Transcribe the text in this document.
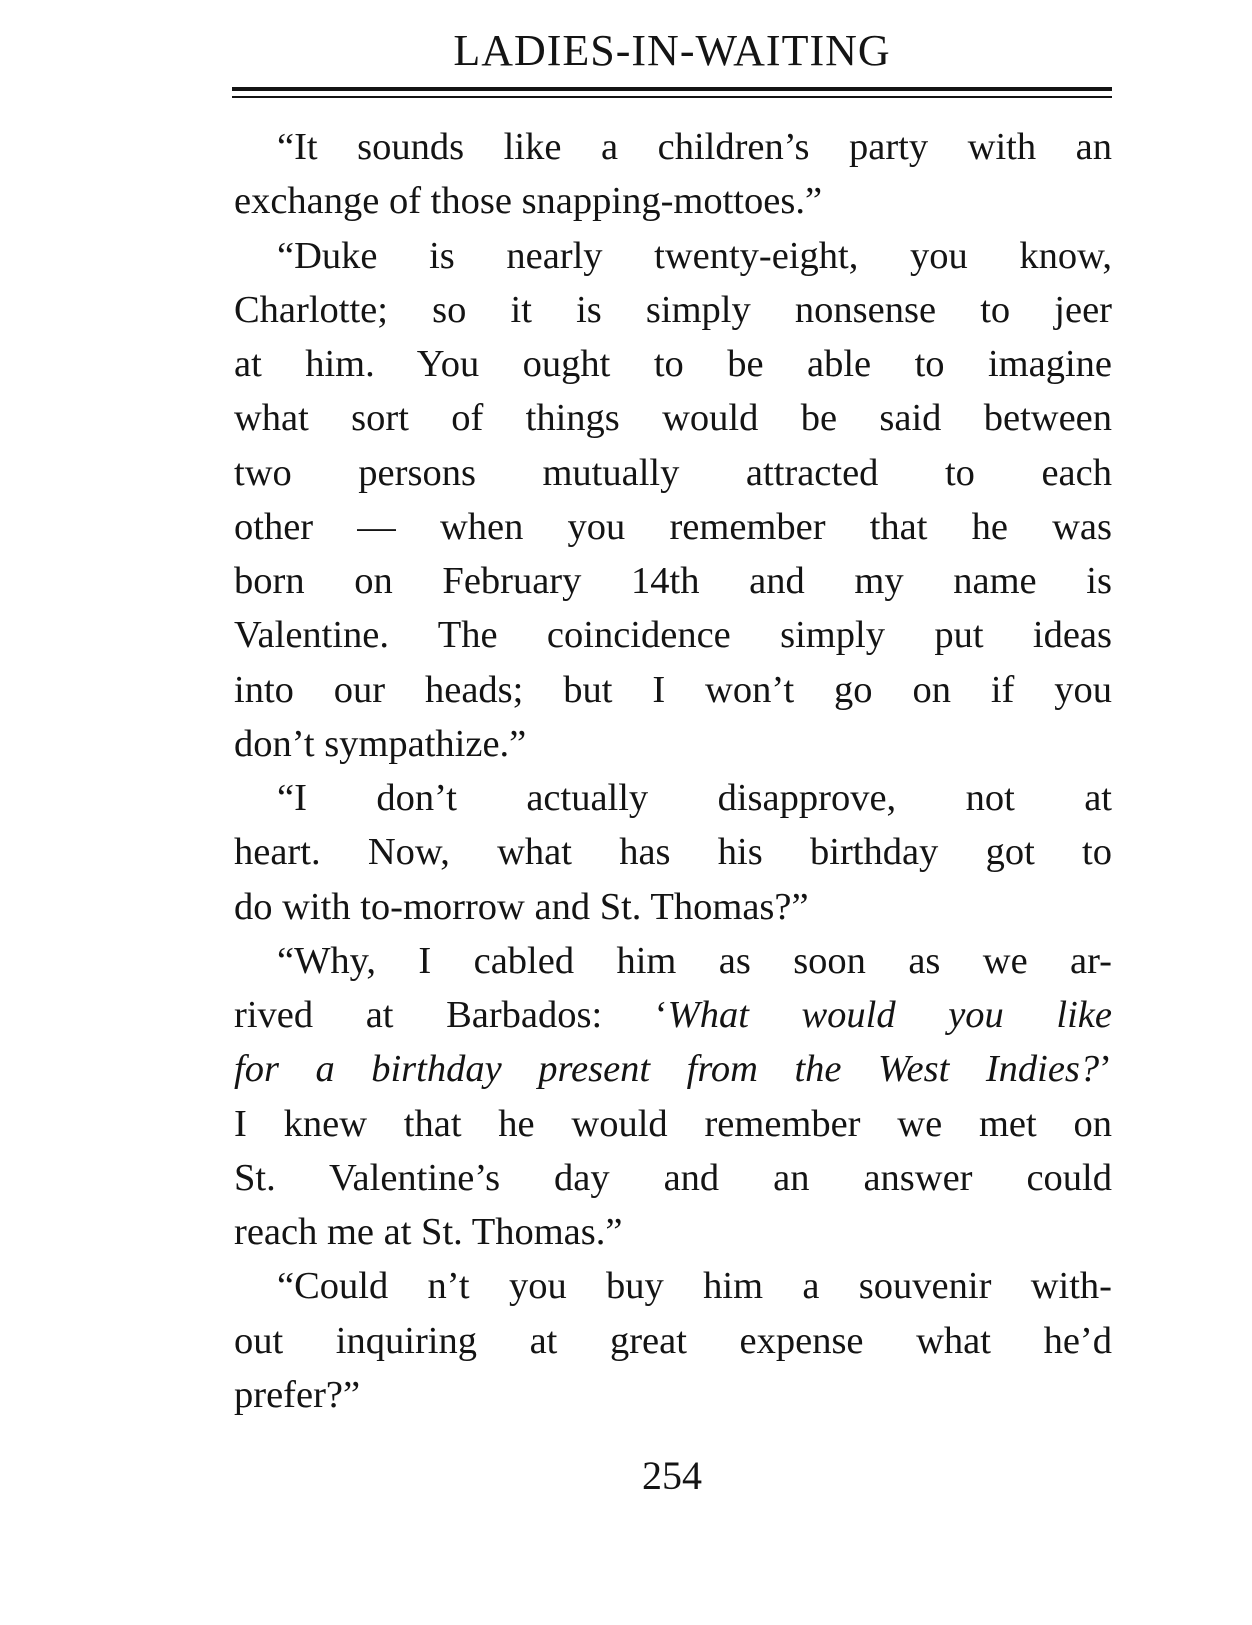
LADIES-IN-WAITING
“It sounds like a children’s party with an
exchange of those snapping-mottoes.”
“Duke is nearly twenty-eight, you know,
Charlotte; so it is simply nonsense to jeer
at him. You ought to be able to imagine
what sort of things would be said between
two persons mutually attracted to each
other — when you remember that he was
born on February 14th and my name is
Valentine. The coincidence simply put ideas
into our heads; but I won’t go on if you
don’t sympathize.”
“I don’t actually disapprove, not at
heart. Now, what has his birthday got to
do with to-morrow and St. Thomas?”
“Why, I cabled him as soon as we ar-
rived at Barbados: ‘What would you like
for a birthday present from the West Indies?’
I knew that he would remember we met on
St. Valentine’s day and an answer could
reach me at St. Thomas.”
“Could n’t you buy him a souvenir with-
out inquiring at great expense what he’d
prefer?”
254
